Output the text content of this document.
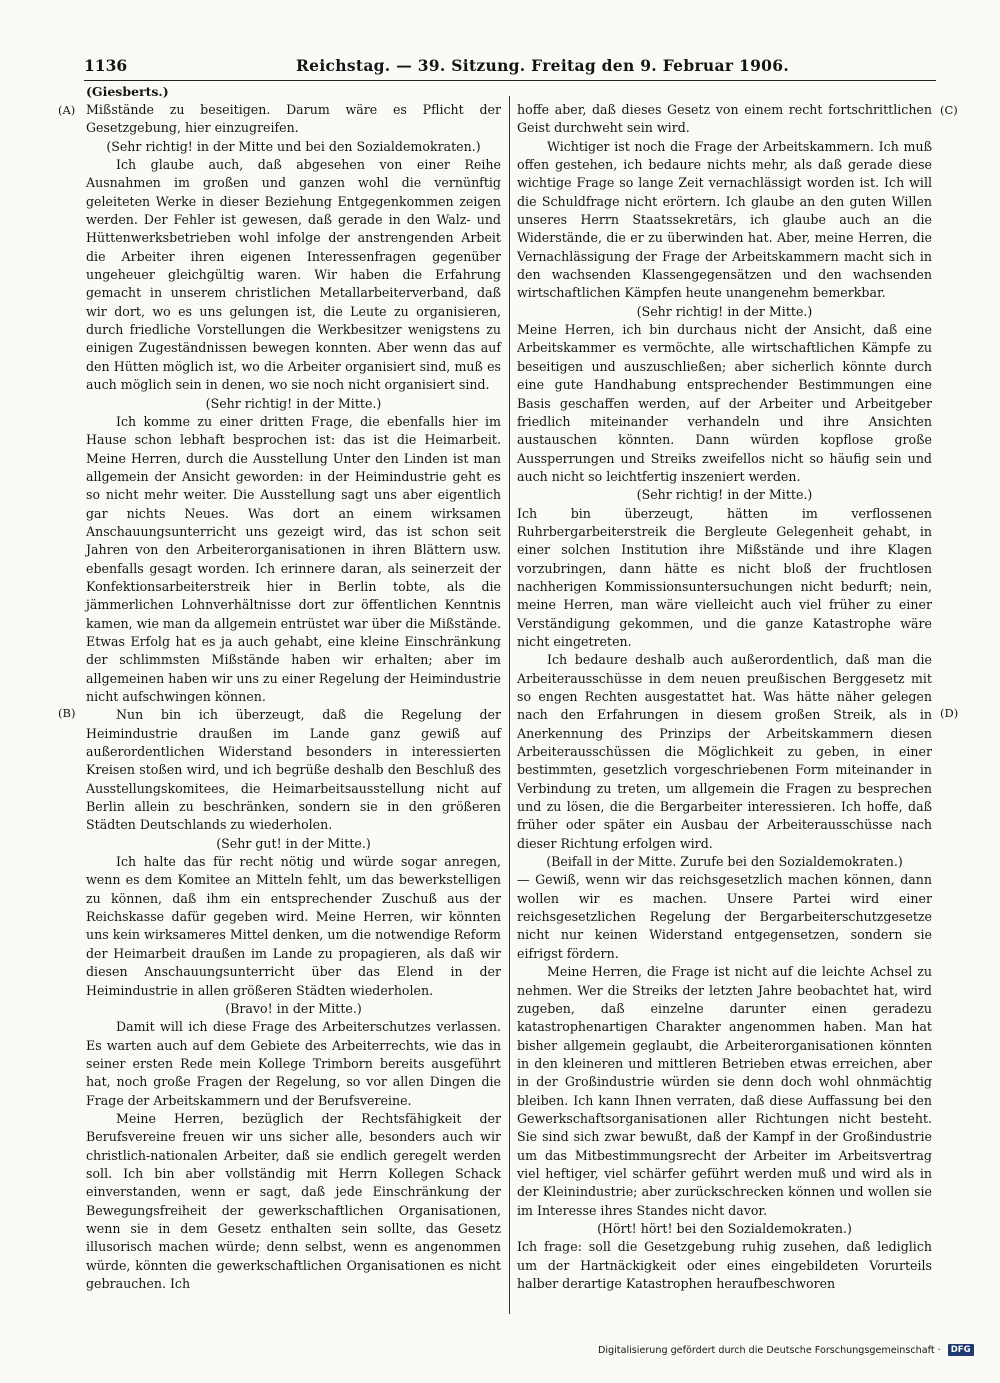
1136	Reichstag. — 39. Sitzung. Freitag den 9. Februar 1906.
(Giesberts.)
(A)
(B)
(C)
(D)

Mißstände zu beseitigen. Darum wäre es Pflicht der Gesetzgebung, hier einzugreifen.

(Sehr richtig! in der Mitte und bei den Sozialdemokraten.)

Ich glaube auch, daß abgesehen von einer Reihe Ausnahmen im großen und ganzen wohl die vernünftig geleiteten Werke in dieser Beziehung Entgegenkommen zeigen werden. Der Fehler ist gewesen, daß gerade in den Walz- und Hüttenwerksbetrieben wohl infolge der anstrengenden Arbeit die Arbeiter ihren eigenen Interessenfragen gegenüber ungeheuer gleichgültig waren. Wir haben die Erfahrung gemacht in unserem christlichen Metallarbeiterverband, daß wir dort, wo es uns gelungen ist, die Leute zu organisieren, durch friedliche Vorstellungen die Werkbesitzer wenigstens zu einigen Zugeständnissen bewegen konnten. Aber wenn das auf den Hütten möglich ist, wo die Arbeiter organisiert sind, muß es auch möglich sein in denen, wo sie noch nicht organisiert sind.

(Sehr richtig! in der Mitte.)

Ich komme zu einer dritten Frage, die ebenfalls hier im Hause schon lebhaft besprochen ist: das ist die Heimarbeit. Meine Herren, durch die Ausstellung Unter den Linden ist man allgemein der Ansicht geworden: in der Heimindustrie geht es so nicht mehr weiter. Die Ausstellung sagt uns aber eigentlich gar nichts Neues. Was dort an einem wirksamen Anschauungsunterricht uns gezeigt wird, das ist schon seit Jahren von den Arbeiterorganisationen in ihren Blättern usw. ebenfalls gesagt worden. Ich erinnere daran, als seinerzeit der Konfektionsarbeiterstreik hier in Berlin tobte, als die jämmerlichen Lohnverhältnisse dort zur öffentlichen Kenntnis kamen, wie man da allgemein entrüstet war über die Mißstände. Etwas Erfolg hat es ja auch gehabt, eine kleine Einschränkung der schlimmsten Mißstände haben wir erhalten; aber im allgemeinen haben wir uns zu einer Regelung der Heimindustrie nicht aufschwingen können.

Nun bin ich überzeugt, daß die Regelung der Heimindustrie draußen im Lande ganz gewiß auf außerordentlichen Widerstand besonders in interessierten Kreisen stoßen wird, und ich begrüße deshalb den Beschluß des Ausstellungskomitees, die Heimarbeitsausstellung nicht auf Berlin allein zu beschränken, sondern sie in den größeren Städten Deutschlands zu wiederholen.

(Sehr gut! in der Mitte.)

Ich halte das für recht nötig und würde sogar anregen, wenn es dem Komitee an Mitteln fehlt, um das bewerkstelligen zu können, daß ihm ein entsprechender Zuschuß aus der Reichskasse dafür gegeben wird. Meine Herren, wir könnten uns kein wirksameres Mittel denken, um die notwendige Reform der Heimarbeit draußen im Lande zu propagieren, als daß wir diesen Anschauungsunterricht über das Elend in der Heimindustrie in allen größeren Städten wiederholen.

(Bravo! in der Mitte.)

Damit will ich diese Frage des Arbeiterschutzes verlassen. Es warten auch auf dem Gebiete des Arbeiterrechts, wie das in seiner ersten Rede mein Kollege Trimborn bereits ausgeführt hat, noch große Fragen der Regelung, so vor allen Dingen die Frage der Arbeitskammern und der Berufsvereine.

Meine Herren, bezüglich der Rechtsfähigkeit der Berufsvereine freuen wir uns sicher alle, besonders auch wir christlich-nationalen Arbeiter, daß sie endlich geregelt werden soll. Ich bin aber vollständig mit Herrn Kollegen Schack einverstanden, wenn er sagt, daß jede Einschränkung der Bewegungsfreiheit der gewerkschaftlichen Organisationen, wenn sie in dem Gesetz enthalten sein sollte, das Gesetz illusorisch machen würde; denn selbst, wenn es angenommen würde, könnten die gewerkschaftlichen Organisationen es nicht gebrauchen. Ich

hoffe aber, daß dieses Gesetz von einem recht fortschrittlichen Geist durchweht sein wird.

Wichtiger ist noch die Frage der Arbeitskammern. Ich muß offen gestehen, ich bedaure nichts mehr, als daß gerade diese wichtige Frage so lange Zeit vernachlässigt worden ist. Ich will die Schuldfrage nicht erörtern. Ich glaube an den guten Willen unseres Herrn Staatssekretärs, ich glaube auch an die Widerstände, die er zu überwinden hat. Aber, meine Herren, die Vernachlässigung der Frage der Arbeitskammern macht sich in den wachsenden Klassengegensätzen und den wachsenden wirtschaftlichen Kämpfen heute unangenehm bemerkbar.

(Sehr richtig! in der Mitte.)

Meine Herren, ich bin durchaus nicht der Ansicht, daß eine Arbeitskammer es vermöchte, alle wirtschaftlichen Kämpfe zu beseitigen und auszuschließen; aber sicherlich könnte durch eine gute Handhabung entsprechender Bestimmungen eine Basis geschaffen werden, auf der Arbeiter und Arbeitgeber friedlich miteinander verhandeln und ihre Ansichten austauschen könnten. Dann würden kopflose große Aussperrungen und Streiks zweifellos nicht so häufig sein und auch nicht so leichtfertig inszeniert werden.

(Sehr richtig! in der Mitte.)

Ich bin überzeugt, hätten im verflossenen Ruhrbergarbeiterstreik die Bergleute Gelegenheit gehabt, in einer solchen Institution ihre Mißstände und ihre Klagen vorzubringen, dann hätte es nicht bloß der fruchtlosen nachherigen Kommissionsuntersuchungen nicht bedurft; nein, meine Herren, man wäre vielleicht auch viel früher zu einer Verständigung gekommen, und die ganze Katastrophe wäre nicht eingetreten.

Ich bedaure deshalb auch außerordentlich, daß man die Arbeiterausschüsse in dem neuen preußischen Berggesetz mit so engen Rechten ausgestattet hat. Was hätte näher gelegen nach den Erfahrungen in diesem großen Streik, als in Anerkennung des Prinzips der Arbeitskammern diesen Arbeiterausschüssen die Möglichkeit zu geben, in einer bestimmten, gesetzlich vorgeschriebenen Form miteinander in Verbindung zu treten, um allgemein die Fragen zu besprechen und zu lösen, die die Bergarbeiter interessieren. Ich hoffe, daß früher oder später ein Ausbau der Arbeiterausschüsse nach dieser Richtung erfolgen wird.

(Beifall in der Mitte. Zurufe bei den Sozialdemokraten.)

— Gewiß, wenn wir das reichsgesetzlich machen können, dann wollen wir es machen. Unsere Partei wird einer reichsgesetzlichen Regelung der Bergarbeiterschutzgesetze nicht nur keinen Widerstand entgegensetzen, sondern sie eifrigst fördern.

Meine Herren, die Frage ist nicht auf die leichte Achsel zu nehmen. Wer die Streiks der letzten Jahre beobachtet hat, wird zugeben, daß einzelne darunter einen geradezu katastrophenartigen Charakter angenommen haben. Man hat bisher allgemein geglaubt, die Arbeiterorganisationen könnten in den kleineren und mittleren Betrieben etwas erreichen, aber in der Großindustrie würden sie denn doch wohl ohnmächtig bleiben. Ich kann Ihnen verraten, daß diese Auffassung bei den Gewerkschaftsorganisationen aller Richtungen nicht besteht. Sie sind sich zwar bewußt, daß der Kampf in der Großindustrie um das Mitbestimmungsrecht der Arbeiter im Arbeitsvertrag viel heftiger, viel schärfer geführt werden muß und wird als in der Kleinindustrie; aber zurückschrecken können und wollen sie im Interesse ihres Standes nicht davor.

(Hört! hört! bei den Sozialdemokraten.)

Ich frage: soll die Gesetzgebung ruhig zusehen, daß lediglich um der Hartnäckigkeit oder eines eingebildeten Vorurteils halber derartige Katastrophen heraufbeschworen

Digitalisierung gefördert durch die Deutsche Forschungsgemeinschaft · DFG
